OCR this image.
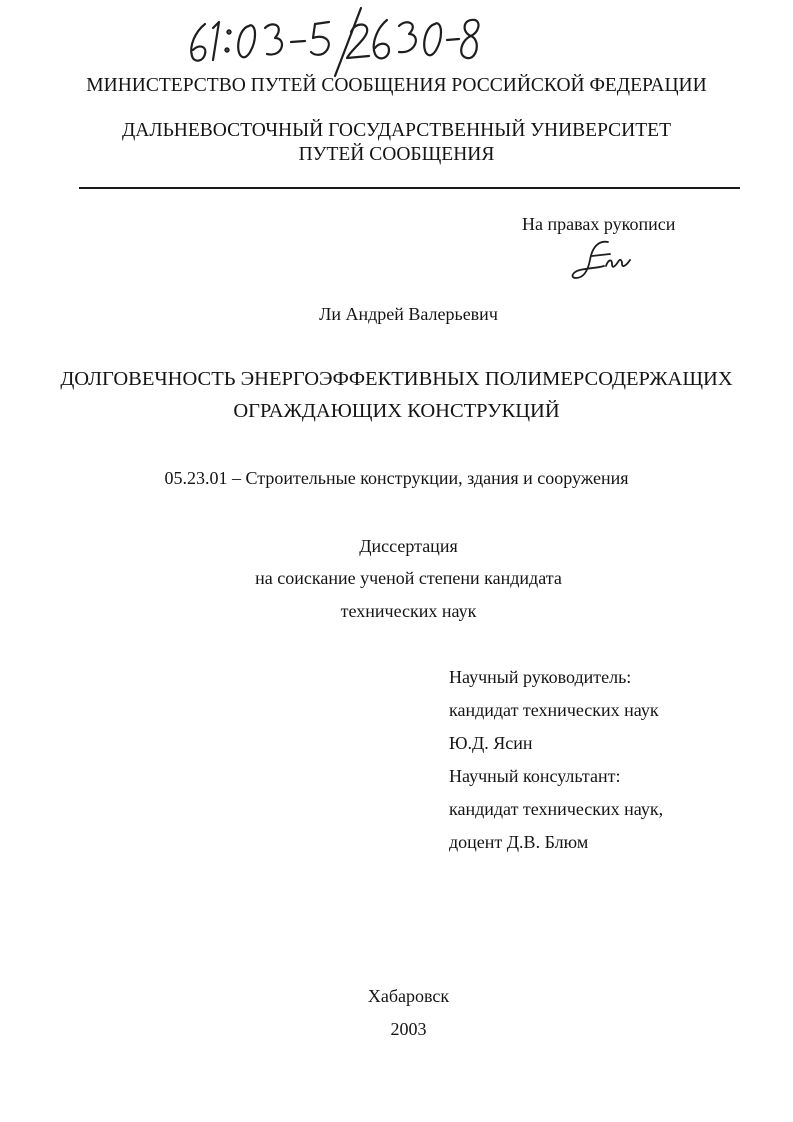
МИНИСТЕРСТВО ПУТЕЙ СООБЩЕНИЯ РОССИЙСКОЙ ФЕДЕРАЦИИ
ДАЛЬНЕВОСТОЧНЫЙ ГОСУДАРСТВЕННЫЙ УНИВЕРСИТЕТ
ПУТЕЙ СООБЩЕНИЯ
На правах рукописи
Ли Андрей Валерьевич
ДОЛГОВЕЧНОСТЬ ЭНЕРГОЭФФЕКТИВНЫХ ПОЛИМЕРСОДЕРЖАЩИХ
ОГРАЖДАЮЩИХ КОНСТРУКЦИЙ
05.23.01 – Строительные конструкции, здания и сооружения
Диссертация
на соискание ученой степени кандидата
технических наук
Научный руководитель:
кандидат технических наук
Ю.Д. Ясин
Научный консультант:
кандидат технических наук,
доцент Д.В. Блюм
Хабаровск
2003
